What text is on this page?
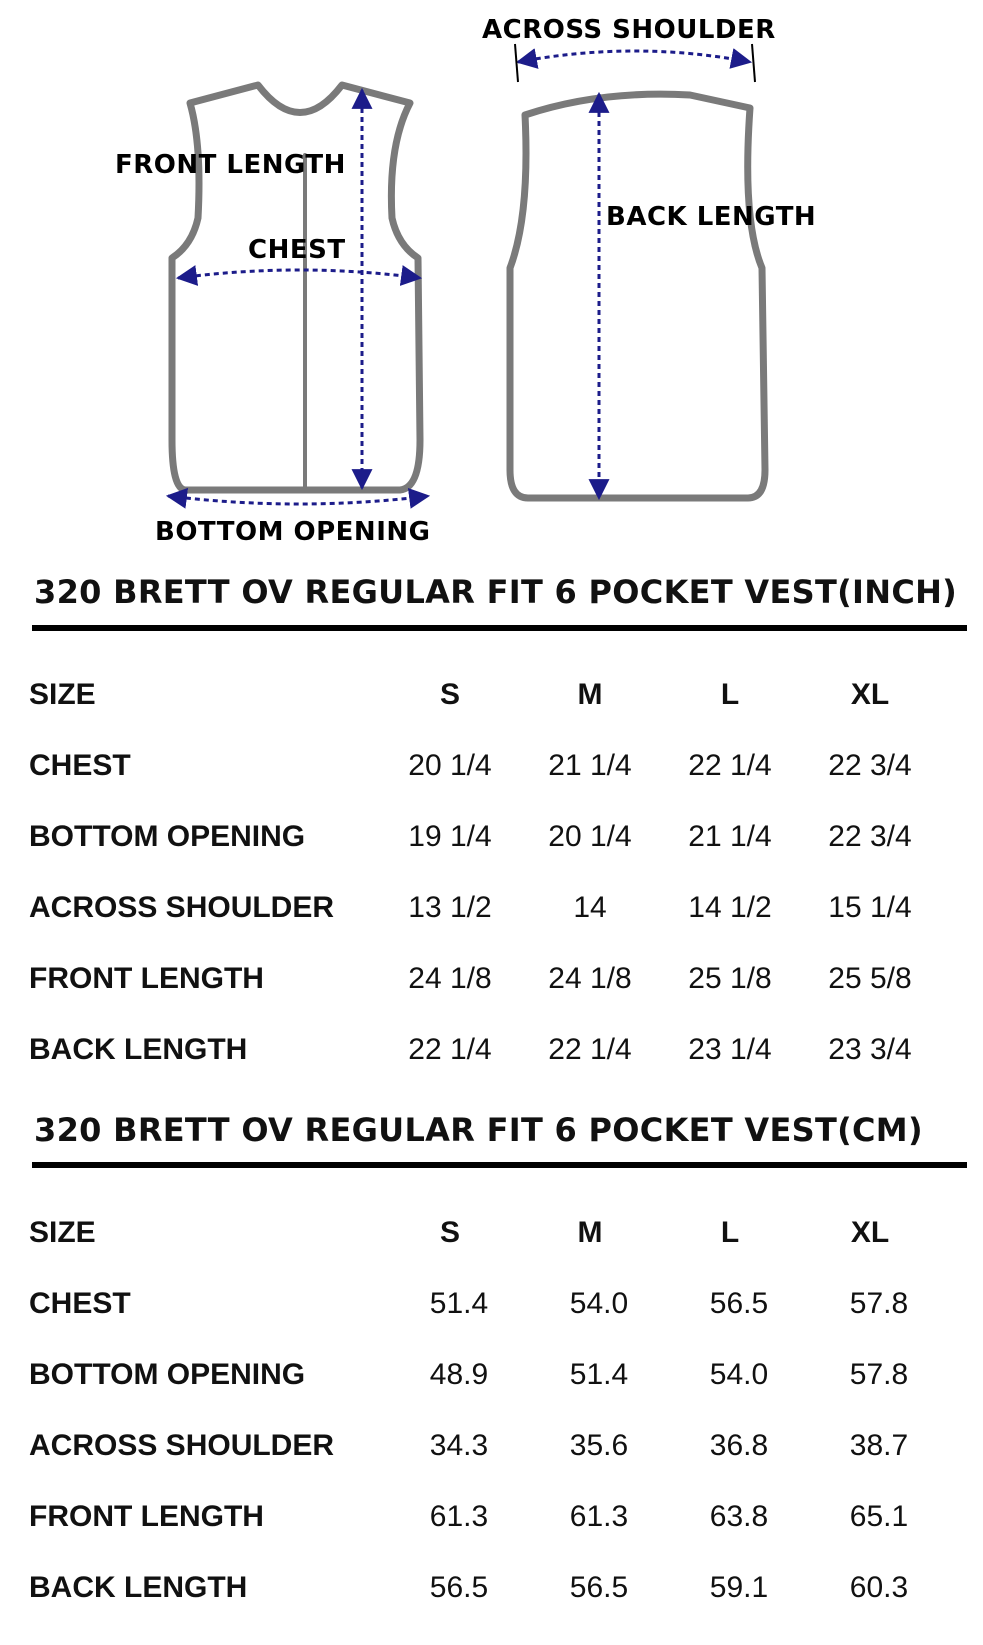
FRONT LENGTH
CHEST
BOTTOM OPENING
ACROSS SHOULDER
BACK LENGTH
320 BRETT OV REGULAR FIT 6 POCKET VEST(INCH)
SIZE	S	M	L	XL
CHEST	20 1/4	21 1/4	22 1/4	22 3/4
BOTTOM OPENING	19 1/4	20 1/4	21 1/4	22 3/4
ACROSS SHOULDER	13 1/2	14	14 1/2	15 1/4
FRONT LENGTH	24 1/8	24 1/8	25 1/8	25 5/8
BACK LENGTH	22 1/4	22 1/4	23 1/4	23 3/4
320 BRETT OV REGULAR FIT 6 POCKET VEST(CM)
SIZE	S	M	L	XL
CHEST	51.4	54.0	56.5	57.8
BOTTOM OPENING	48.9	51.4	54.0	57.8
ACROSS SHOULDER	34.3	35.6	36.8	38.7
FRONT LENGTH	61.3	61.3	63.8	65.1
BACK LENGTH	56.5	56.5	59.1	60.3
